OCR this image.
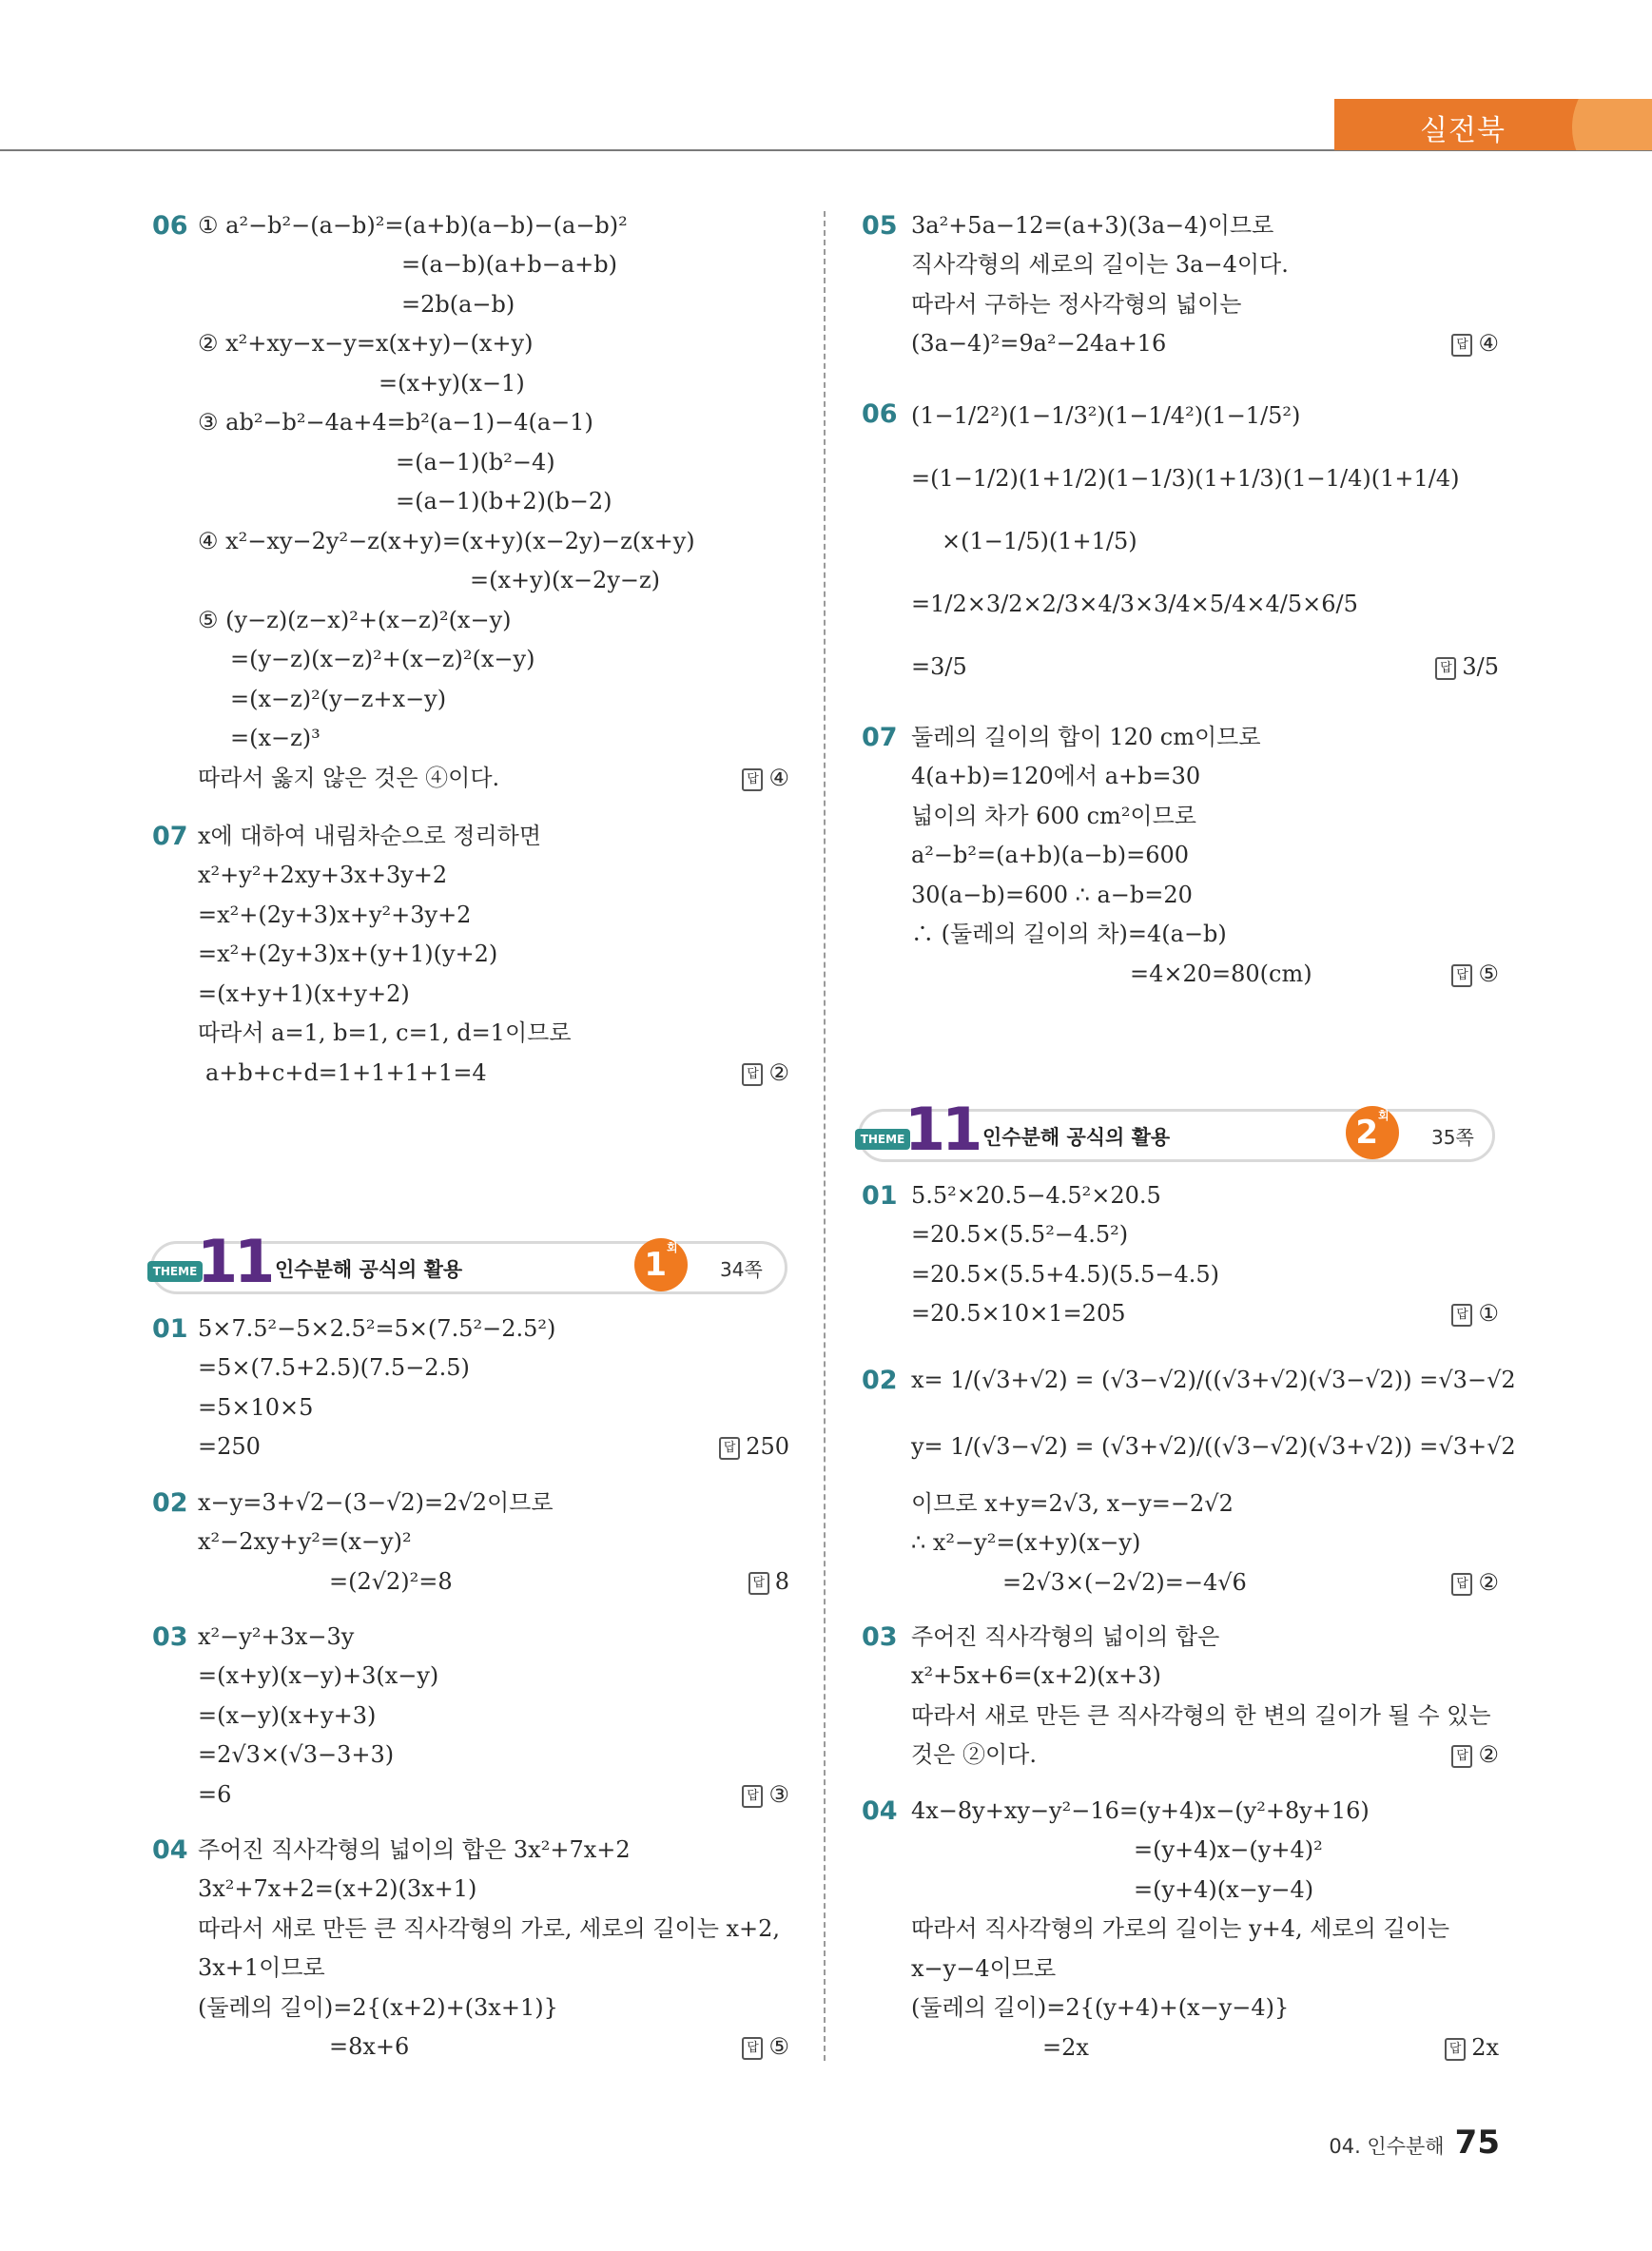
실전북
06 ① a²−b²−(a−b)²=(a+b)(a−b)−(a−b)²
=(a−b)(a+b−a+b)
=2b(a−b)
② x²+xy−x−y=x(x+y)−(x+y)
=(x+y)(x−1)
③ ab²−b²−4a+4=b²(a−1)−4(a−1)
=(a−1)(b²−4)
=(a−1)(b+2)(b−2)
④ x²−xy−2y²−z(x+y)=(x+y)(x−2y)−z(x+y)
=(x+y)(x−2y−z)
⑤ (y−z)(z−x)²+(x−z)²(x−y)
=(y−z)(x−z)²+(x−z)²(x−y)
=(x−z)²(y−z+x−y)
=(x−z)³
따라서 옳지 않은 것은 ④이다.	답 ④
07 x에 대하여 내림차순으로 정리하면
x²+y²+2xy+3x+3y+2
=x²+(2y+3)x+y²+3y+2
=x²+(2y+3)x+(y+1)(y+2)
=(x+y+1)(x+y+2)
따라서 a=1, b=1, c=1, d=1이므로
a+b+c+d=1+1+1+1=4	답 ②
THEME 11 인수분해 공식의 활용	$1^회$
34쪽
01 5×7.5²−5×2.5²=5×(7.5²−2.5²)
=5×(7.5+2.5)(7.5−2.5)
=5×10×5
=250	답 250
02 x−y=3+√2−(3−√2)=2√2이므로
x²−2xy+y²=(x−y)²
=(2√2)²=8	답 8
03 x²−y²+3x−3y
=(x+y)(x−y)+3(x−y)
=(x−y)(x+y+3)
=2√3×(√3−3+3)
=6	답 ③
04 주어진 직사각형의 넓이의 합은 3x²+7x+2
3x²+7x+2=(x+2)(3x+1)
따라서 새로 만든 큰 직사각형의 가로, 세로의 길이는 x+2,
3x+1이므로
(둘레의 길이)=2{(x+2)+(3x+1)}
=8x+6	답 ⑤
05 3a²+5a−12=(a+3)(3a−4)이므로
직사각형의 세로의 길이는 3a−4이다.
따라서 구하는 정사각형의 넓이는
(3a−4)²=9a²−24a+16	답 ④
06 (1−1/2²)(1−1/3²)(1−1/4²)(1−1/5²)
=(1−1/2)(1+1/2)(1−1/3)(1+1/3)(1−1/4)(1+1/4)
×(1−1/5)(1+1/5)
=1/2×3/2×2/3×4/3×3/4×5/4×4/5×6/5
=3/5	답 3/5
07 둘레의 길이의 합이 120 cm이므로
4(a+b)=120에서 a+b=30
넓이의 차가 600 cm²이므로
a²−b²=(a+b)(a−b)=600
30(a−b)=600 ∴ a−b=20
∴ (둘레의 길이의 차)=4(a−b)
=4×20=80(cm)	답 ⑤
THEME 11 인수분해 공식의 활용	$2^회$
35쪽
01 5.5²×20.5−4.5²×20.5
=20.5×(5.5²−4.5²)
=20.5×(5.5+4.5)(5.5−4.5)
=20.5×10×1=205	답 ①
02 x= 1/(√3+√2) = (√3−√2)/((√3+√2)(√3−√2)) =√3−√2
y= 1/(√3−√2) = (√3+√2)/((√3−√2)(√3+√2)) =√3+√2
이므로 x+y=2√3, x−y=−2√2
∴ x²−y²=(x+y)(x−y)
=2√3×(−2√2)=−4√6	답 ②
03 주어진 직사각형의 넓이의 합은
x²+5x+6=(x+2)(x+3)
따라서 새로 만든 큰 직사각형의 한 변의 길이가 될 수 있는
것은 ②이다.	답 ②
04 4x−8y+xy−y²−16=(y+4)x−(y²+8y+16)
=(y+4)x−(y+4)²
=(y+4)(x−y−4)
따라서 직사각형의 가로의 길이는 y+4, 세로의 길이는
x−y−4이므로
(둘레의 길이)=2{(y+4)+(x−y−4)}
=2x	답 2x
04. 인수분해 75
